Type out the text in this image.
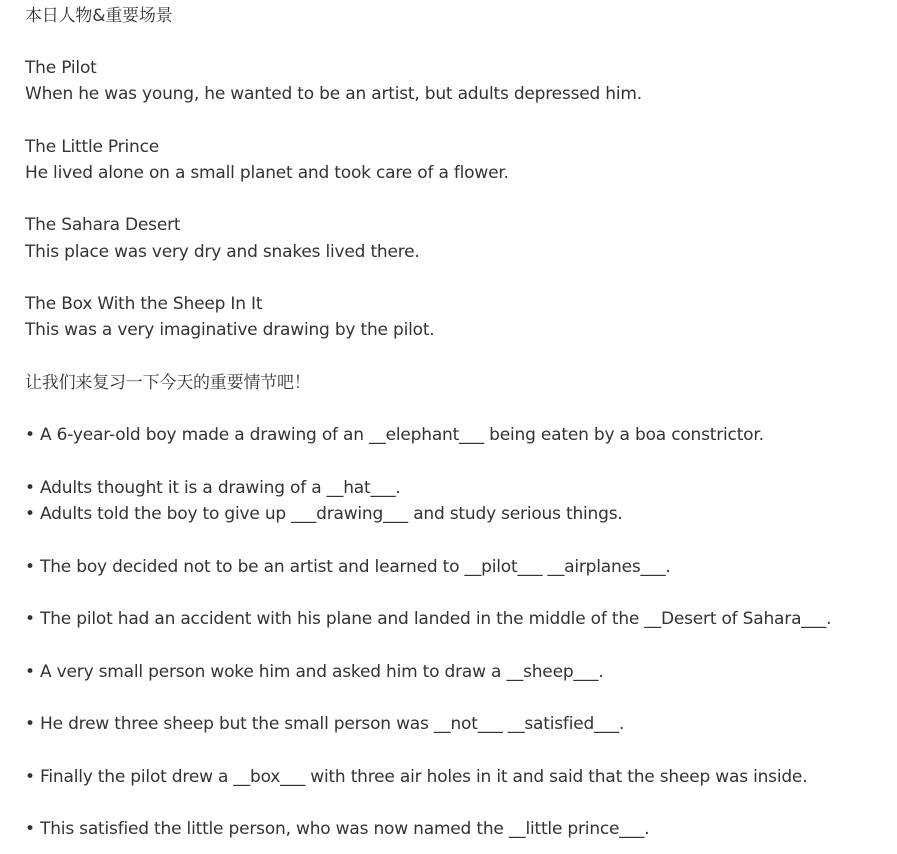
本日人物&重要场景
The Pilot
When he was young, he wanted to be an artist, but adults depressed him.
The Little Prince
He lived alone on a small planet and took care of a flower.
The Sahara Desert
This place was very dry and snakes lived there.
The Box With the Sheep In It
This was a very imaginative drawing by the pilot.
让我们来复习一下今天的重要情节吧！
• A 6-year-old boy made a drawing of an __elephant___ being eaten by a boa constrictor.
• Adults thought it is a drawing of a __hat___.
• Adults told the boy to give up ___drawing___ and study serious things.
• The boy decided not to be an artist and learned to __pilot___ __airplanes___.
• The pilot had an accident with his plane and landed in the middle of the __Desert of Sahara___.
• A very small person woke him and asked him to draw a __sheep___.
• He drew three sheep but the small person was __not___ __satisfied___.
• Finally the pilot drew a __box___ with three air holes in it and said that the sheep was inside.
• This satisfied the little person, who was now named the __little prince___.
